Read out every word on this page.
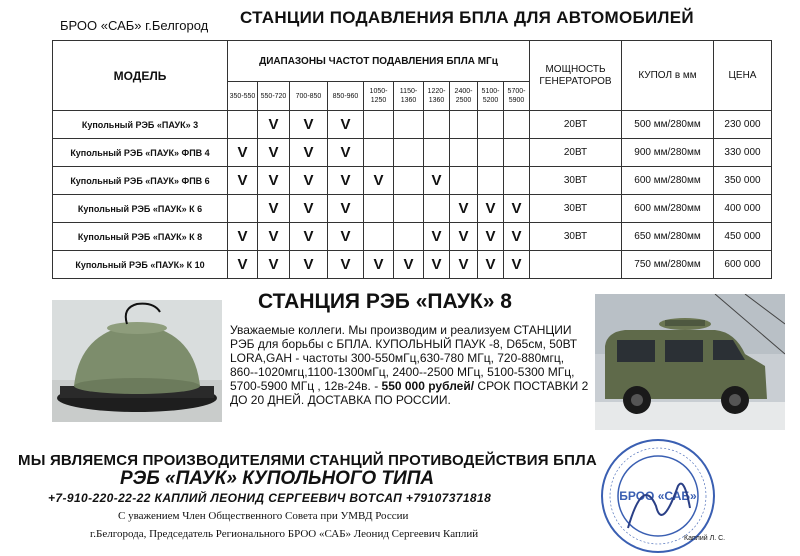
БРОО «САБ» г.Белгород СТАНЦИИ ПОДАВЛЕНИЯ БПЛА ДЛЯ АВТОМОБИЛЕЙ
МОДЕЛЬ	ДИАПАЗОНЫ ЧАСТОТ ПОДАВЛЕНИЯ БПЛА МГц										МОЩНОСТЬ ГЕНЕРАТОРОВ	КУПОЛ в мм	ЦЕНА
	350-550	550-720	700-850	850-960	1050-1250	1150-1360	1220-1360	2400-2500	5100-5200	5700-5900			
Купольный РЭБ «ПАУК» 3		V	V	V							20ВТ	500 мм/280мм	230 000
Купольный РЭБ «ПАУК» ФПВ 4	V	V	V	V							20ВТ	900 мм/280мм	330 000
Купольный РЭБ «ПАУК» ФПВ 6	V	V	V	V	V		V				30ВТ	600 мм/280мм	350 000
Купольный РЭБ «ПАУК» К 6		V	V	V				V	V	V	30ВТ	600 мм/280мм	400 000
Купольный РЭБ «ПАУК» К 8	V	V	V	V			V	V	V	V	30ВТ	650 мм/280мм	450 000
Купольный РЭБ «ПАУК» К 10	V	V	V	V	V	V	V	V	V	V		750 мм/280мм	600 000
СТАНЦИЯ РЭБ «ПАУК» 8
Уважаемые коллеги. Мы производим и реализуем СТАНЦИИ РЭБ для борьбы с БПЛА. КУПОЛЬНЫЙ ПАУК -8, D65см, 50ВТ LORA,GAH - частоты 300-550мГц,630-780 МГц, 720-880мгц, 860--1020мгц,1100-1300мГц, 2400--2500 МГц, 5100-5300 МГц, 5700-5900 МГц , 12в-24в. - 550 000 рублей/ СРОК ПОСТАВКИ 2 ДО 20 ДНЕЙ. ДОСТАВКА ПО РОССИИ.
МЫ ЯВЛЯЕМСЯ ПРОИЗВОДИТЕЛЯМИ СТАНЦИЙ ПРОТИВОДЕЙСТВИЯ БПЛА
РЭБ «ПАУК» КУПОЛЬНОГО ТИПА
+7-910-220-22-22 КАПЛИЙ ЛЕОНИД СЕРГЕЕВИЧ ВОТСАП +79107371818
С уважением Член Общественного Совета при УМВД России
г.Белгорода, Председатель Регионального БРОО «САБ» Леонид Сергеевич Каплий
БРОО «САБ»
Каплий Л. С.
